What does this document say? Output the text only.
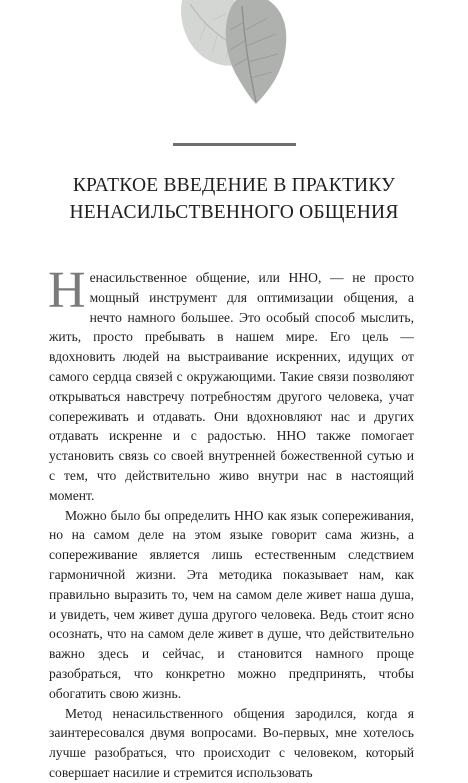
КРАТКОЕ ВВЕДЕНИЕ В ПРАКТИКУ
НЕНАСИЛЬСТВЕННОГО ОБЩЕНИЯ

Ненасильственное общение, или ННО, — не просто мощный инструмент для оптимизации общения, а нечто намного большее. Это особый способ мыслить, жить, просто пребывать в нашем мире. Его цель — вдохновить людей на выстраивание искренних, идущих от самого сердца связей с окружающими. Такие связи позволяют открываться навстречу потребностям другого человека, учат сопереживать и отдавать. Они вдохновляют нас и других отдавать искренне и с радостью. ННО также помогает установить связь со своей внутренней божественной сутью и с тем, что действительно живо внутри нас в настоящий момент.

Можно было бы определить ННО как язык сопереживания, но на самом деле на этом языке говорит сама жизнь, а сопереживание является лишь естественным следствием гармоничной жизни. Эта методика показывает нам, как правильно выразить то, чем на самом деле живет наша душа, и увидеть, чем живет душа другого человека. Ведь стоит ясно осознать, что на самом деле живет в душе, что действительно важно здесь и сейчас, и становится намного проще разобраться, что конкретно можно предпринять, чтобы обогатить свою жизнь.

Метод ненасильственного общения зародился, когда я заинтересовался двумя вопросами. Во-первых, мне хотелось лучше разобраться, что происходит с человеком, который совершает насилие и стремится использовать
